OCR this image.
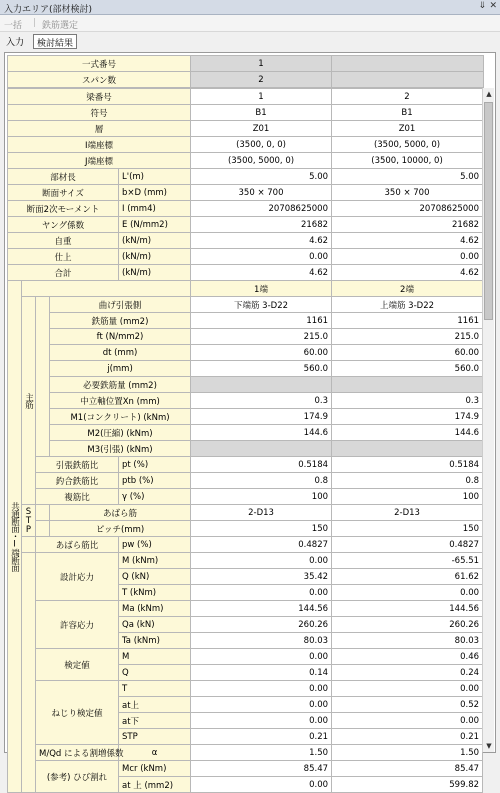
入力エリア(部材検討)	⇓ ✕
一括 | 鉄筋選定
入力	検討結果
一式番号	1	
スパン数	2	
梁番号					1	2
符号					B1	B1
層					Z01	Z01
I端座標					(3500, 0, 0)	(3500, 5000, 0)
J端座標					(3500, 5000, 0)	(3500, 10000, 0)
部材長				L'(m)	5.00	5.00
断面サイズ				b×D (mm)	350 × 700	350 × 700
断面2次モーメント				I (mm4)	20708625000	20708625000
ヤング係数				E (N/mm2)	21682	21682
自重				(kN/m)	4.62	4.62
仕上				(kN/m)	0.00	0.00
合計				(kN/m)	4.62	4.62
共通断面・I端断面					1端	2端
	主筋		曲げ引張側		下端筋 3-D22	上端筋 3-D22
			鉄筋量 (mm2)		1161	1161
			ft (N/mm2)		215.0	215.0
			dt (mm)		60.00	60.00
			j(mm)		560.0	560.0
			必要鉄筋量 (mm2)			
			中立軸位置Xn (mm)		0.3	0.3
			M1(コンクリート) (kNm)		174.9	174.9
			M2(圧縮) (kNm)		144.6	144.6
			M3(引張) (kNm)			
		引張鉄筋比		pt (%)	0.5184	0.5184
		釣合鉄筋比		ptb (%)	0.8	0.8
		複筋比		γ (%)	100	100
	STP		あばら筋		2-D13	2-D13
			ピッチ(mm)		150	150
		あばら筋比		pw (%)	0.4827	0.4827
		設計応力		M (kNm)	0.00	-65.51
				Q (kN)	35.42	61.62
				T (kNm)	0.00	0.00
		許容応力		Ma (kNm)	144.56	144.56
				Qa (kN)	260.26	260.26
				Ta (kNm)	80.03	80.03
		検定値		M	0.00	0.46
				Q	0.14	0.24
		ねじり検定値		T	0.00	0.00
				at上	0.00	0.52
				at下	0.00	0.00
				STP	0.21	0.21
		M/Qd による割増係数		α	1.50	1.50
		(参考) ひび割れ		Mcr (kNm)	85.47	85.47
				at 上 (mm2)	0.00	599.82
▲
▼
